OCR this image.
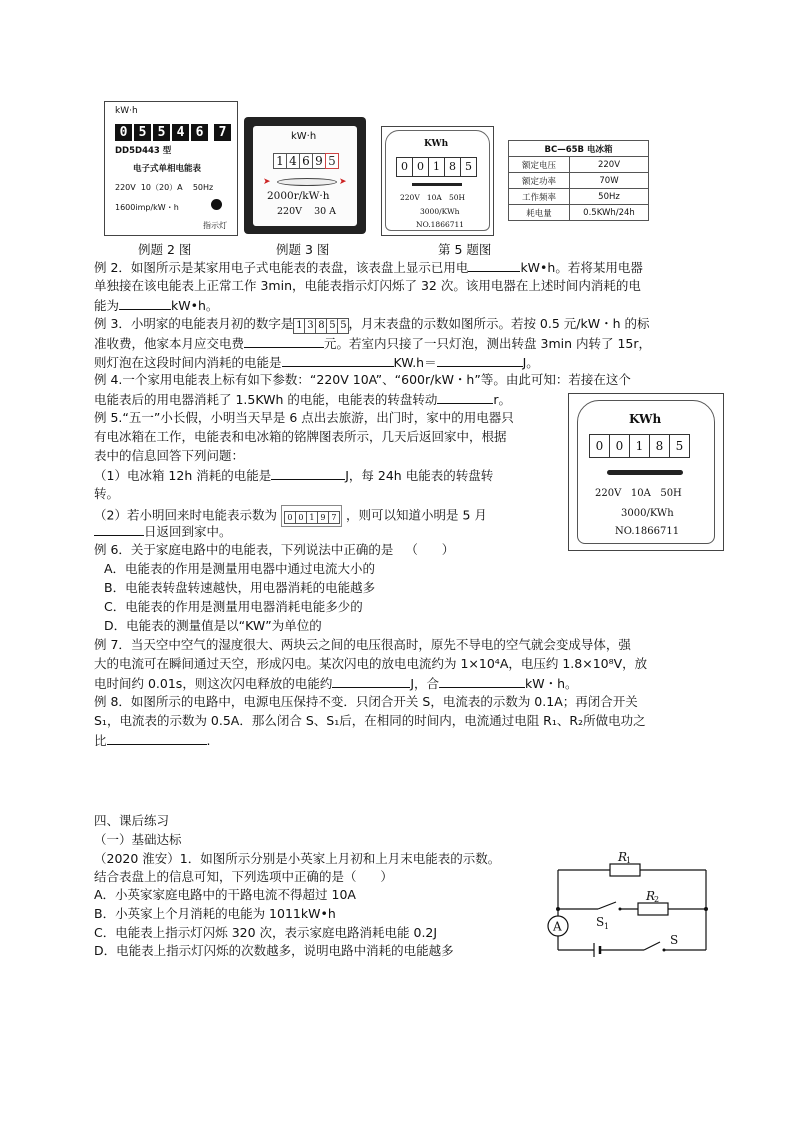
kW·h
0 5 5 4 6 7
DD5D443 型
电子式单相电能表
220V  10（20）A    50Hz
1600imp/kW・h
指示灯
kW·h
1 4 6 9 5
➤	➤
2000r/kW·h
220V    30 A
KWh
0 0 1 8 5
220V   10A   50H
3000/KWh
NO.1866711
BC—65B 电冰箱	
额定电压	220V
额定功率	70W
工作频率	50Hz
耗电量	0.5KWh/24h
例题 2 图	例题 3 图	第 5 题图
例 2．如图所示是某家用电子式电能表的表盘，该表盘上显示已用电	kW•h。若将某用电器
单独接在该电能表上正常工作 3min，电能表指示灯闪烁了 32 次。该用电器在上述时间内消耗的电
能为	kW•h。
例 3．小明家的电能表月初的数字是 1 3 8 5 5 ，月末表盘的示数如图所示。若按 0.5 元/kW・h 的标
准收费，他家本月应交电费	元。若室内只接了一只灯泡，测出转盘 3min 内转了 15r，
则灯泡在这段时间内消耗的电能是	KW.h＝	J。
例 4.一个家用电能表上标有如下参数：“220V 10A”、“600r/kW・h”等。由此可知：若接在这个
电能表后的用电器消耗了 1.5KWh 的电能，电能表的转盘转动	r。
例 5.“五一”小长假，小明当天早是 6 点出去旅游，出门时，家中的用电器只
有电冰箱在工作，电能表和电冰箱的铭牌图表所示，几天后返回家中，根据
表中的信息回答下列问题：
（1）电冰箱 12h 消耗的电能是	J，每 24h 电能表的转盘转
转。
（2）若小明回来时电能表示数为 0 0 1 9 7 ，则可以知道小明是 5 月
日返回到家中。
KWh
0 0 1 8 5
220V   10A   50H
3000/KWh
NO.1866711
例 6．关于家庭电路中的电能表，下列说法中正确的是   （      ）
A．电能表的作用是测量用电器中通过电流大小的
B．电能表转盘转速越快，用电器消耗的电能越多
C．电能表的作用是测量用电器消耗电能多少的
D．电能表的测量值是以“KW”为单位的
例 7．当天空中空气的湿度很大、两块云之间的电压很高时，原先不导电的空气就会变成导体，强
大的电流可在瞬间通过天空，形成闪电。某次闪电的放电电流约为 1×10⁴A，电压约 1.8×10⁸V，放
电时间约 0.01s，则这次闪电释放的电能约	J，合	kW・h。
例 8．如图所示的电路中，电源电压保持不变．只闭合开关 S，电流表的示数为 0.1A；再闭合开关
S₁，电流表的示数为 0.5A．那么闭合 S、S₁后，在相同的时间内，电流通过电阻 R₁、R₂所做电功之
比	.
四、课后练习
（一）基础达标
（2020 淮安）1．如图所示分别是小英家上月初和上月末电能表的示数。
结合表盘上的信息可知，下列选项中正确的是（      ）
A．小英家家庭电路中的干路电流不得超过 10A
B．小英家上个月消耗的电能为 1011kW•h
C．电能表上指示灯闪烁 320 次，表示家庭电路消耗电能 0.2J
D．电能表上指示灯闪烁的次数越多，说明电路中消耗的电能越多
A
R
1
R
2
S 1
S
